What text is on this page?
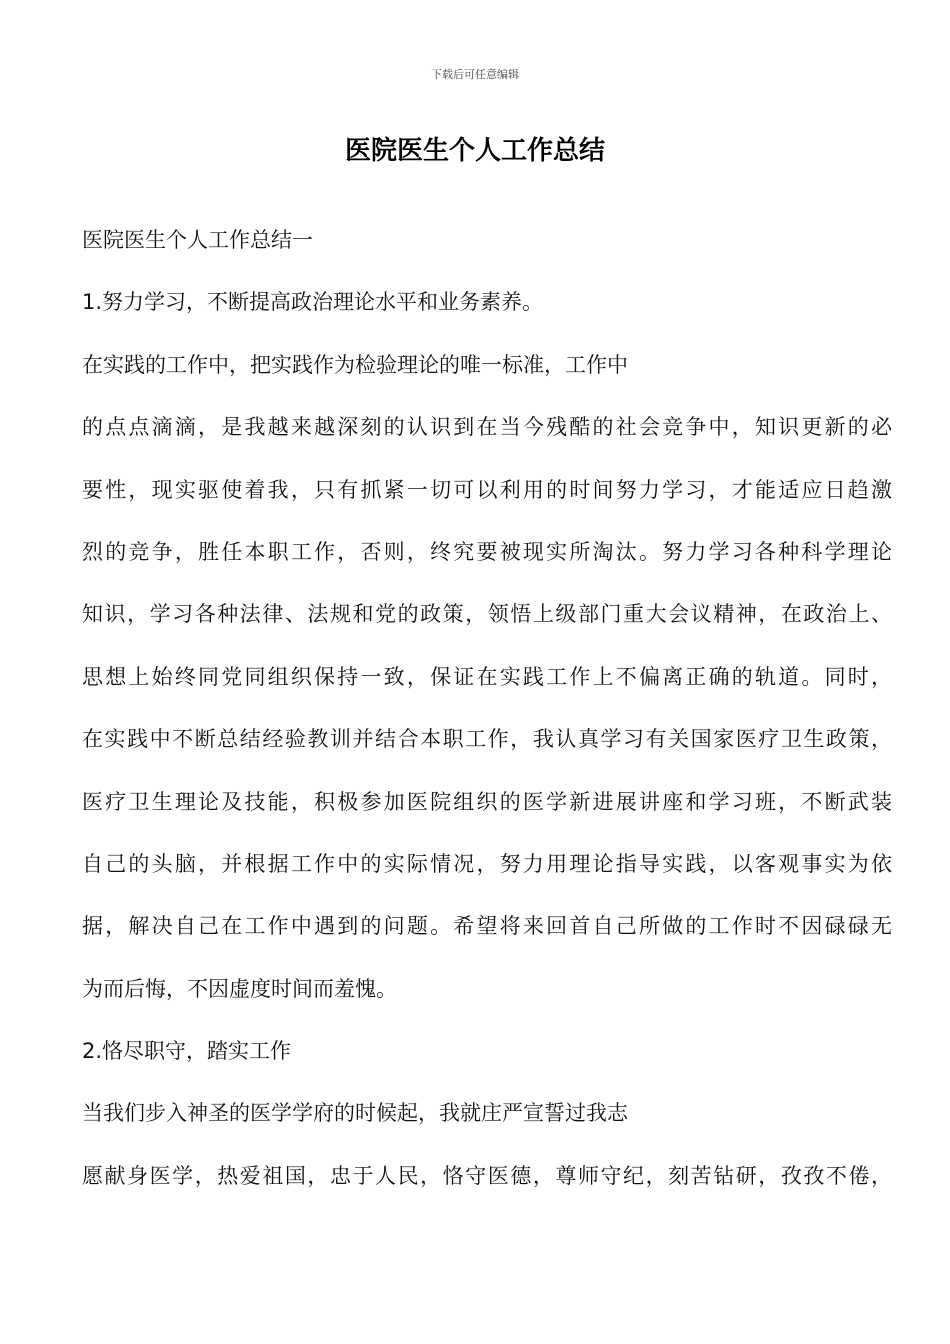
下载后可任意编辑
医院医生个人工作总结
医院医生个人工作总结一
1.努力学习，不断提高政治理论水平和业务素养。
在实践的工作中，把实践作为检验理论的唯一标准，工作中
的点点滴滴，是我越来越深刻的认识到在当今残酷的社会竞争中，知识更新的必
要性，现实驱使着我，只有抓紧一切可以利用的时间努力学习，才能适应日趋激
烈的竞争，胜任本职工作，否则，终究要被现实所淘汰。努力学习各种科学理论
知识，学习各种法律、法规和党的政策，领悟上级部门重大会议精神，在政治上、
思想上始终同党同组织保持一致，保证在实践工作上不偏离正确的轨道。同时，
在实践中不断总结经验教训并结合本职工作，我认真学习有关国家医疗卫生政策，
医疗卫生理论及技能，积极参加医院组织的医学新进展讲座和学习班，不断武装
自己的头脑，并根据工作中的实际情况，努力用理论指导实践，以客观事实为依
据，解决自己在工作中遇到的问题。希望将来回首自己所做的工作时不因碌碌无
为而后悔，不因虚度时间而羞愧。
2.恪尽职守，踏实工作
当我们步入神圣的医学学府的时候起，我就庄严宣誓过我志
愿献身医学，热爱祖国，忠于人民，恪守医德，尊师守纪，刻苦钻研，孜孜不倦，
